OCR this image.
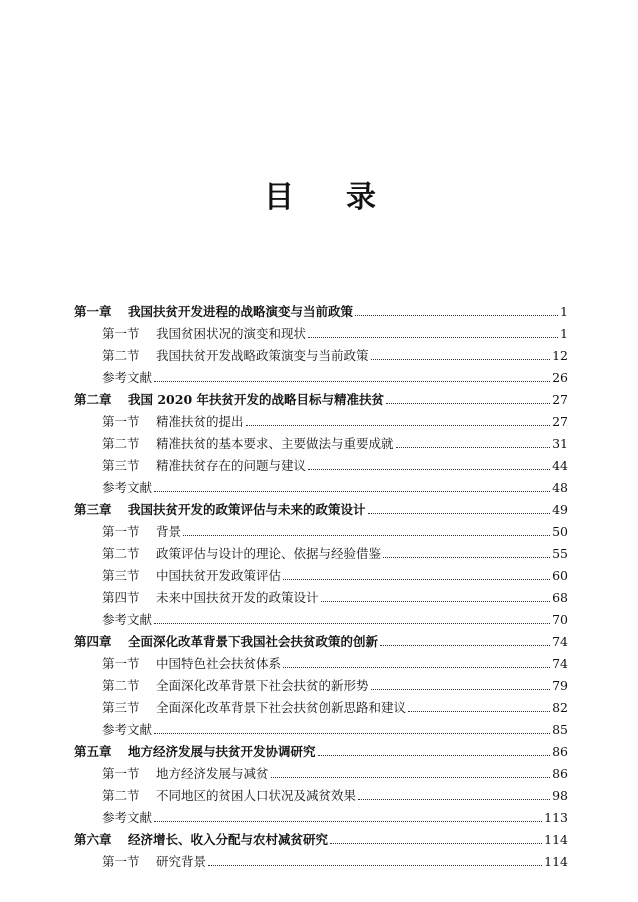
目 录
第一章 我国扶贫开发进程的战略演变与当前政策	1
第一节 我国贫困状况的演变和现状	1
第二节 我国扶贫开发战略政策演变与当前政策	12
参考文献	26
第二章 我国 2020 年扶贫开发的战略目标与精准扶贫	27
第一节 精准扶贫的提出	27
第二节 精准扶贫的基本要求、主要做法与重要成就	31
第三节 精准扶贫存在的问题与建议	44
参考文献	48
第三章 我国扶贫开发的政策评估与未来的政策设计	49
第一节 背景	50
第二节 政策评估与设计的理论、依据与经验借鉴	55
第三节 中国扶贫开发政策评估	60
第四节 未来中国扶贫开发的政策设计	68
参考文献	70
第四章 全面深化改革背景下我国社会扶贫政策的创新	74
第一节 中国特色社会扶贫体系	74
第二节 全面深化改革背景下社会扶贫的新形势	79
第三节 全面深化改革背景下社会扶贫创新思路和建议	82
参考文献	85
第五章 地方经济发展与扶贫开发协调研究	86
第一节 地方经济发展与减贫	86
第二节 不同地区的贫困人口状况及减贫效果	98
参考文献	113
第六章 经济增长、收入分配与农村减贫研究	114
第一节 研究背景	114
